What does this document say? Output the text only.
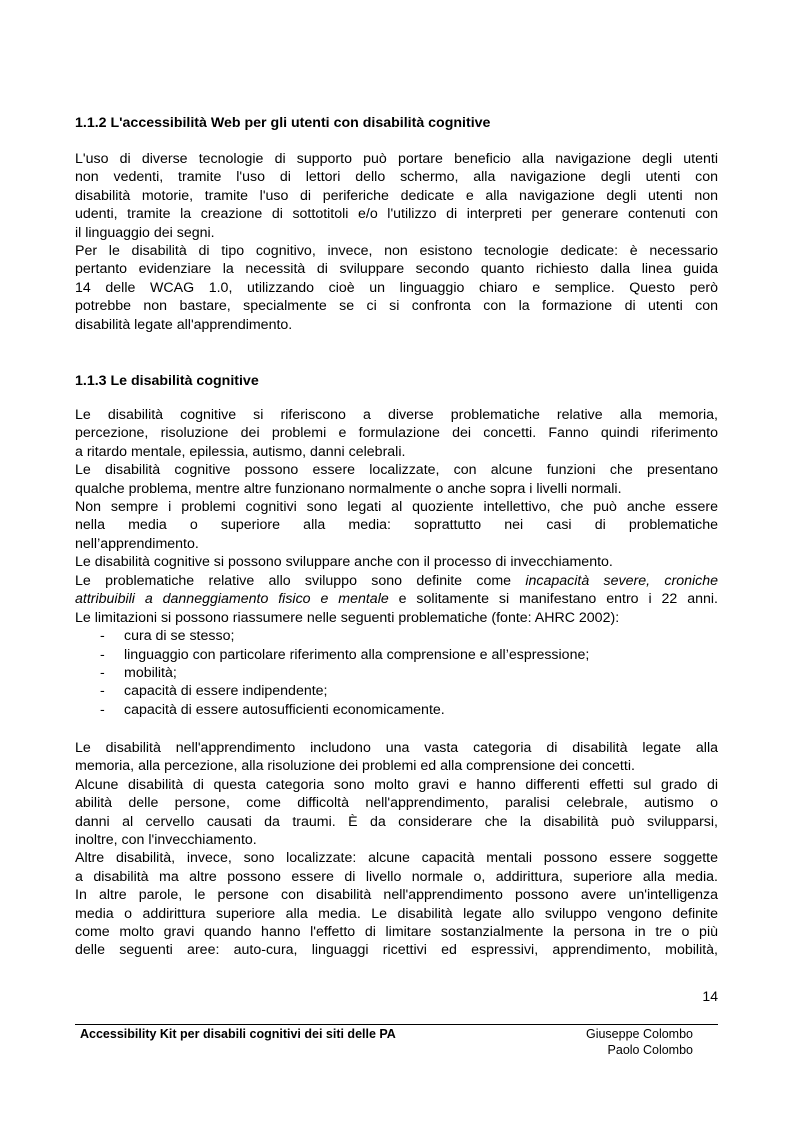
1.1.2 L'accessibilità Web per gli utenti con disabilità cognitive
L'uso di diverse tecnologie di supporto può portare beneficio alla navigazione degli utenti
non vedenti, tramite l'uso di lettori dello schermo, alla navigazione degli utenti con
disabilità motorie, tramite l'uso di periferiche dedicate e alla navigazione degli utenti non
udenti, tramite la creazione di sottotitoli e/o l'utilizzo di interpreti per generare contenuti con
il linguaggio dei segni.
Per le disabilità di tipo cognitivo, invece, non esistono tecnologie dedicate: è necessario
pertanto evidenziare la necessità di sviluppare secondo quanto richiesto dalla linea guida
14 delle WCAG 1.0, utilizzando cioè un linguaggio chiaro e semplice. Questo però
potrebbe non bastare, specialmente se ci si confronta con la formazione di utenti con
disabilità legate all'apprendimento.
1.1.3 Le disabilità cognitive
Le disabilità cognitive si riferiscono a diverse problematiche relative alla memoria,
percezione, risoluzione dei problemi e formulazione dei concetti. Fanno quindi riferimento
a ritardo mentale, epilessia, autismo, danni celebrali.
Le disabilità cognitive possono essere localizzate, con alcune funzioni che presentano
qualche problema, mentre altre funzionano normalmente o anche sopra i livelli normali.
Non sempre i problemi cognitivi sono legati al quoziente intellettivo, che può anche essere
nella media o superiore alla media: soprattutto nei casi di problematiche
nell’apprendimento.
Le disabilità cognitive si possono sviluppare anche con il processo di invecchiamento.
Le problematiche relative allo sviluppo sono definite come incapacità severe, croniche
attribuibili a danneggiamento fisico e mentale e solitamente si manifestano entro i 22 anni.
Le limitazioni si possono riassumere nelle seguenti problematiche (fonte: AHRC 2002):
- cura di se stesso;
- linguaggio con particolare riferimento alla comprensione e all’espressione;
- mobilità;
- capacità di essere indipendente;
- capacità di essere autosufficienti economicamente.
Le disabilità nell'apprendimento includono una vasta categoria di disabilità legate alla
memoria, alla percezione, alla risoluzione dei problemi ed alla comprensione dei concetti.
Alcune disabilità di questa categoria sono molto gravi e hanno differenti effetti sul grado di
abilità delle persone, come difficoltà nell'apprendimento, paralisi celebrale, autismo o
danni al cervello causati da traumi. È da considerare che la disabilità può svilupparsi,
inoltre, con l'invecchiamento.
Altre disabilità, invece, sono localizzate: alcune capacità mentali possono essere soggette
a disabilità ma altre possono essere di livello normale o, addirittura, superiore alla media.
In altre parole, le persone con disabilità nell'apprendimento possono avere un'intelligenza
media o addirittura superiore alla media. Le disabilità legate allo sviluppo vengono definite
come molto gravi quando hanno l'effetto di limitare sostanzialmente la persona in tre o più
delle seguenti aree: auto-cura, linguaggi ricettivi ed espressivi, apprendimento, mobilità,
14
Accessibility Kit per disabili cognitivi dei siti delle PA	Giuseppe Colombo
Paolo Colombo
